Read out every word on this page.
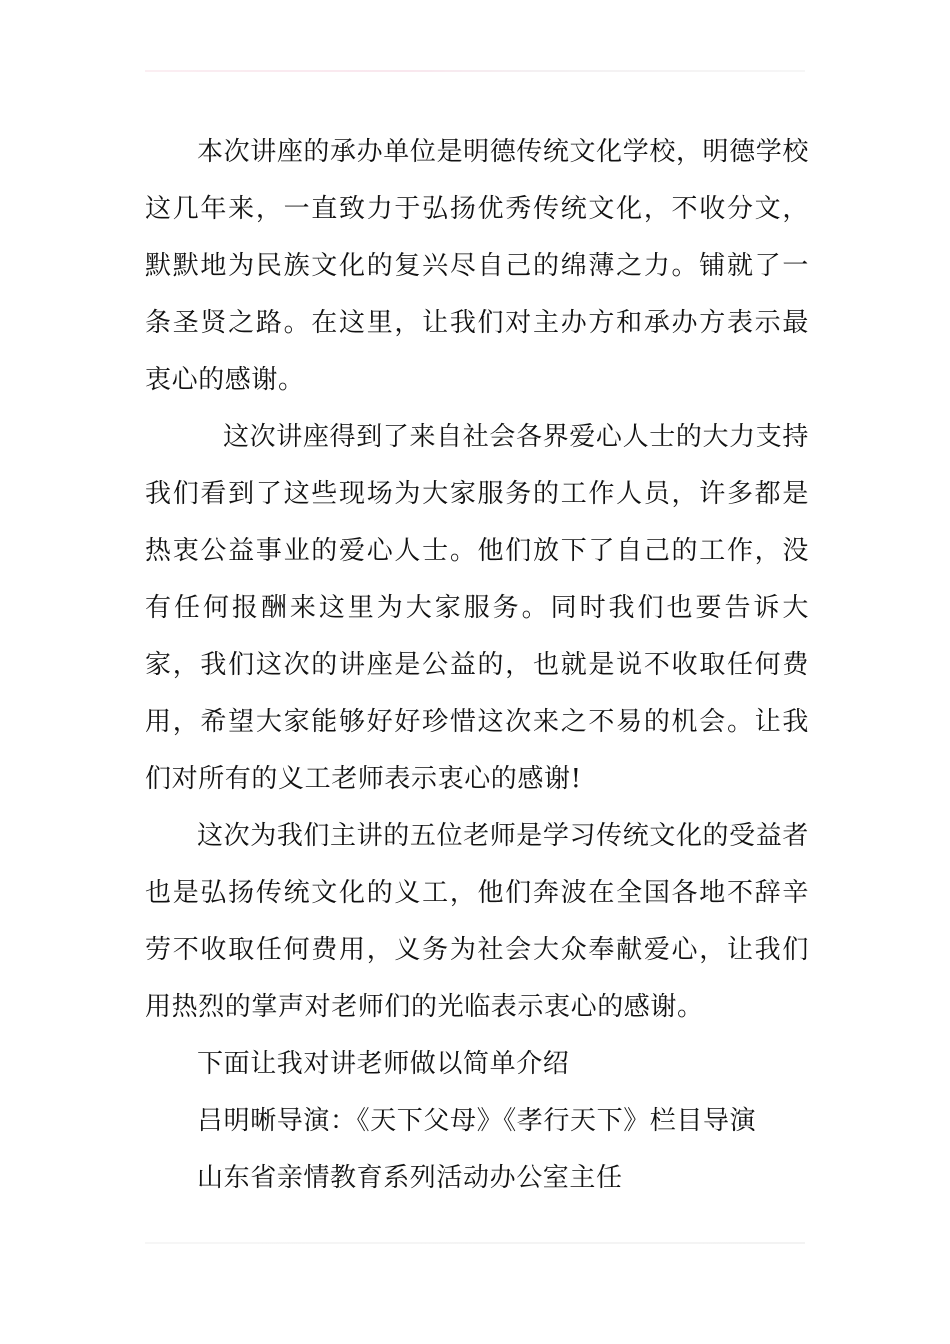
本次讲座的承办单位是明德传统文化学校，明德学校这几年来，一直致力于弘扬优秀传统文化，不收分文，默默地为民族文化的复兴尽自己的绵薄之力。铺就了一条圣贤之路。在这里，让我们对主办方和承办方表示最衷心的感谢。

这次讲座得到了来自社会各界爱心人士的大力支持我们看到了这些现场为大家服务的工作人员，许多都是热衷公益事业的爱心人士。他们放下了自己的工作，没有任何报酬来这里为大家服务。同时我们也要告诉大家，我们这次的讲座是公益的，也就是说不收取任何费用，希望大家能够好好珍惜这次来之不易的机会。让我们对所有的义工老师表示衷心的感谢!

这次为我们主讲的五位老师是学习传统文化的受益者也是弘扬传统文化的义工，他们奔波在全国各地不辞辛劳不收取任何费用，义务为社会大众奉献爱心，让我们用热烈的掌声对老师们的光临表示衷心的感谢。

下面让我对讲老师做以简单介绍

吕明晰导演：《天下父母》《孝行天下》栏目导演

山东省亲情教育系列活动办公室主任
